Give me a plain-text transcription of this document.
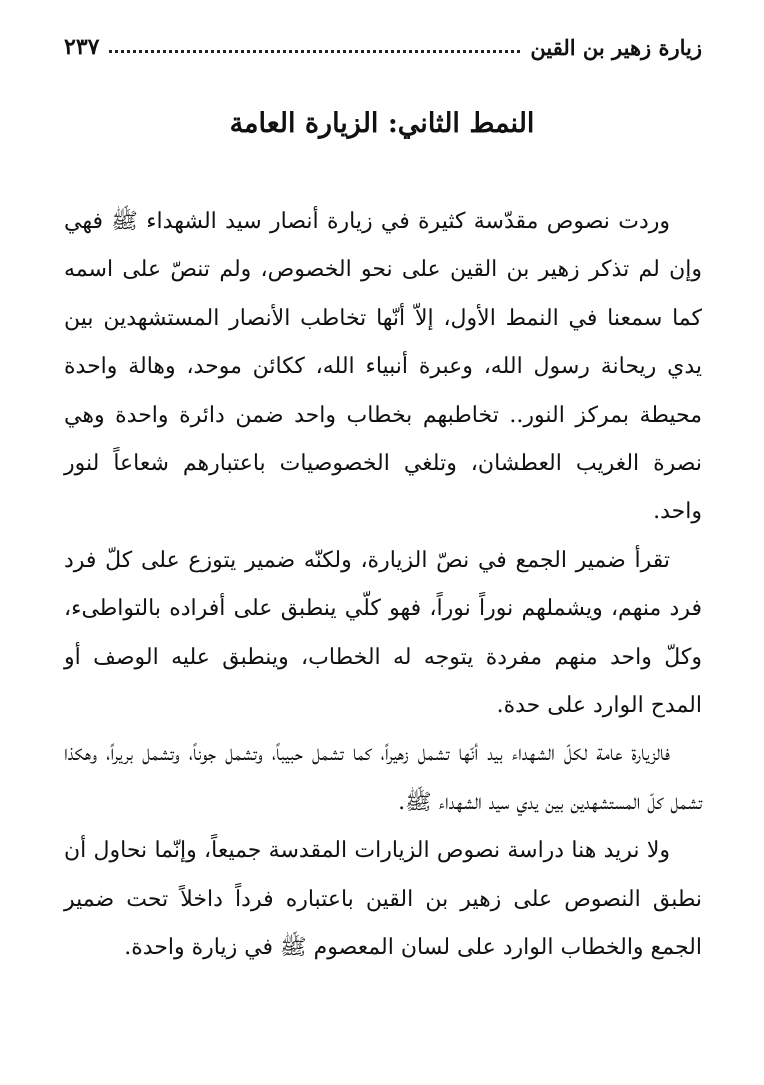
زيارة زهير بن القين
٢٣٧
النمط الثاني: الزيارة العامة

وردت نصوص مقدّسة كثيرة في زيارة أنصار سيد الشهداء ﷺ فهي وإن لم تذكر زهير بن القين على نحو الخصوص، ولم تنصّ على اسمه كما سمعنا في النمط الأول، إلاّ أنّها تخاطب الأنصار المستشهدين بين يدي ريحانة رسول الله، وعبرة أنبياء الله، ككائن موحد، وهالة واحدة محيطة بمركز النور.. تخاطبهم بخطاب واحد ضمن دائرة واحدة وهي نصرة الغريب العطشان، وتلغي الخصوصيات باعتبارهم شعاعاً لنور واحد.

تقرأ ضمير الجمع في نصّ الزيارة، ولكنّه ضمير يتوزع على كلّ فرد فرد منهم، ويشملهم نوراً نوراً، فهو كلّي ينطبق على أفراده بالتواطىء، وكلّ واحد منهم مفردة يتوجه له الخطاب، وينطبق عليه الوصف أو المدح الوارد على حدة.

فالزيارة عامة لكلّ الشهداء بيد أنّها تشمل زهيراً، كما تشمل حبيباً، وتشمل جوناً، وتشمل بريراً، وهكذا تشمل كلّ المستشهدين بين يدي سيد الشهداء ﷺ.

ولا نريد هنا دراسة نصوص الزيارات المقدسة جميعاً، وإنّما نحاول أن نطبق النصوص على زهير بن القين باعتباره فرداً داخلاً تحت ضمير الجمع والخطاب الوارد على لسان المعصوم ﷺ في زيارة واحدة.
